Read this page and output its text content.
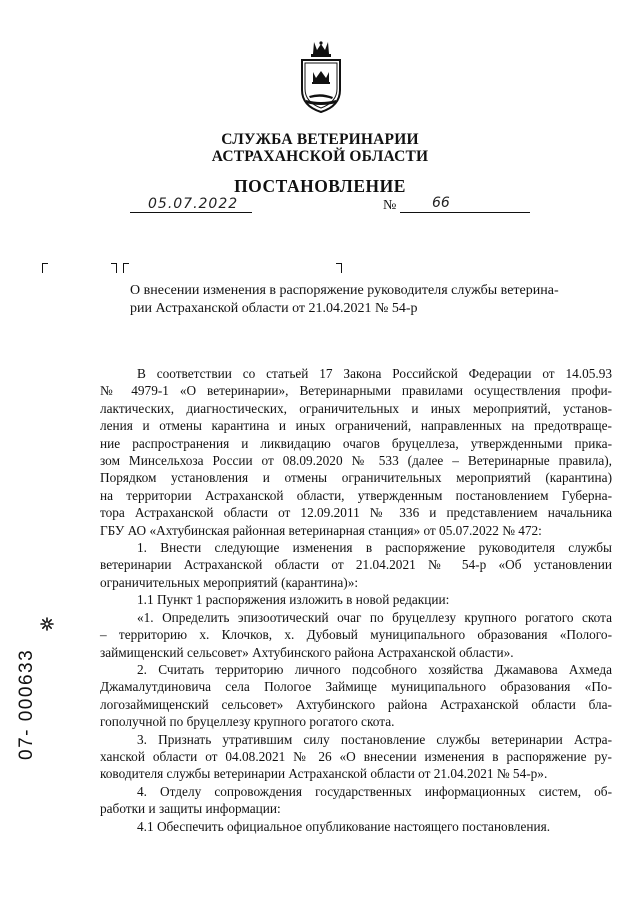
СЛУЖБА ВЕТЕРИНАРИИ
АСТРАХАНСКОЙ ОБЛАСТИ
ПОСТАНОВЛЕНИЕ
05.07.2022	№	66
О внесении изменения в распоряжение руководителя службы ветерина-
рии Астраханской области от 21.04.2021 № 54-р
В соответствии со статьей 17 Закона Российской Федерации от 14.05.93
№ 4979-1 «О ветеринарии», Ветеринарными правилами осуществления профи-
лактических, диагностических, ограничительных и иных мероприятий, установ-
ления и отмены карантина и иных ограничений, направленных на предотвраще-
ние распространения и ликвидацию очагов бруцеллеза, утвержденными прика-
зом Минсельхоза России от 08.09.2020 № 533 (далее – Ветеринарные правила),
Порядком установления и отмены ограничительных мероприятий (карантина)
на территории Астраханской области, утвержденным постановлением Губерна-
тора Астраханской области от 12.09.2011 № 336 и представлением начальника
ГБУ АО «Ахтубинская районная ветеринарная станция» от 05.07.2022 № 472:
1. Внести следующие изменения в распоряжение руководителя службы
ветеринарии Астраханской области от 21.04.2021 № 54-р «Об установлении
ограничительных мероприятий (карантина)»:
1.1 Пункт 1 распоряжения изложить в новой редакции:
«1. Определить эпизоотический очаг по бруцеллезу крупного рогатого скота
– территорию х. Клочков, х. Дубовый муниципального образования «Полого-
займищенский сельсовет» Ахтубинского района Астраханской области».
2. Считать территорию личного подсобного хозяйства Джамавова Ахмеда
Джамалутдиновича села Пологое Займище муниципального образования «По-
логозаймищенский сельсовет» Ахтубинского района Астраханской области бла-
гополучной по бруцеллезу крупного рогатого скота.
3. Признать утратившим силу постановление службы ветеринарии Астра-
ханской области от 04.08.2021 № 26 «О внесении изменения в распоряжение ру-
ководителя службы ветеринарии Астраханской области от 21.04.2021 № 54-р».
4. Отделу сопровождения государственных информационных систем, об-
работки и защиты информации:
4.1 Обеспечить официальное опубликование настоящего постановления.
07- 000633
